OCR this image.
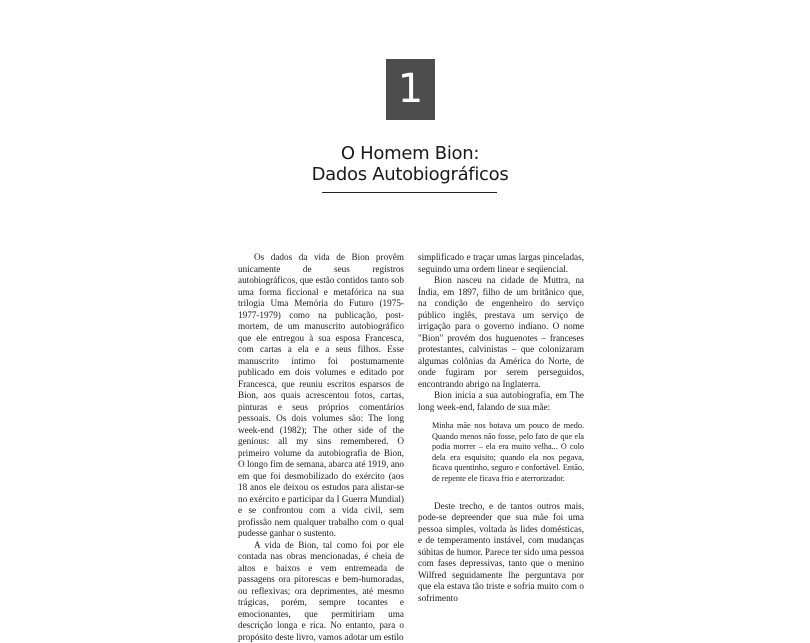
1
O Homem Bion:
Dados Autobiográficos

Os dados da vida de Bion provêm unicamente de seus registros autobiográficos, que estão contidos tanto sob uma forma ficcional e metafórica na sua trilogia Uma Memória do Futuro (1975-1977-1979) como na publicação, post-mortem, de um manuscrito autobiográfico que ele entregou à sua esposa Francesca, com cartas a ela e a seus filhos. Esse manuscrito íntimo foi postumamente publicado em dois volumes e editado por Francesca, que reuniu escritos esparsos de Bion, aos quais acrescentou fotos, cartas, pinturas e seus próprios comentários pessoais. Os dois volumes são: The long week-end (1982); The other side of the genious: all my sins remembered. O primeiro volume da autobiografia de Bion, O longo fim de semana, abarca até 1919, ano em que foi desmobilizado do exército (aos 18 anos ele deixou os estudos para alistar-se no exército e participar da I Guerra Mundial) e se confrontou com a vida civil, sem profissão nem qualquer trabalho com o qual pudesse ganhar o sustento.

A vida de Bion, tal como foi por ele contada nas obras mencionadas, é cheia de altos e baixos e vem entremeada de passagens ora pitorescas e bem-humoradas, ou reflexivas; ora deprimentes, até mesmo trágicas, porém, sempre tocantes e emocionantes, que permitiriam uma descrição longa e rica. No entanto, para o propósito deste livro, vamos adotar um estilo

simplificado e traçar umas largas pinceladas, seguindo uma ordem linear e seqüencial.

Bion nasceu na cidade de Muttra, na Índia, em 1897, filho de um britânico que, na condição de engenheiro do serviço público inglês, prestava um serviço de irrigação para o governo indiano. O nome "Bion" provém dos huguenotes – franceses protestantes, calvinistas – que colonizaram algumas colônias da América do Norte, de onde fugiram por serem perseguidos, encontrando abrigo na Inglaterra.

Bion inicia a sua autobiografia, em The long week-end, falando de sua mãe:

Minha mãe nos botava um pouco de medo. Quando menos não fosse, pelo fato de que ela podia morrer – ela era muito velha... O colo dela era esquisito; quando ela nos pegava, ficava quentinho, seguro e confortável. Então, de repente ele ficava frio e aterrorizador.

Deste trecho, e de tantos outros mais, pode-se depreender que sua mãe foi uma pessoa simples, voltada às lides domésticas, e de temperamento instável, com mudanças súbitas de humor. Parece ter sido uma pessoa com fases depressivas, tanto que o menino Wilfred seguidamente lhe perguntava por que ela estava tão triste e sofria muito com o sofrimento
